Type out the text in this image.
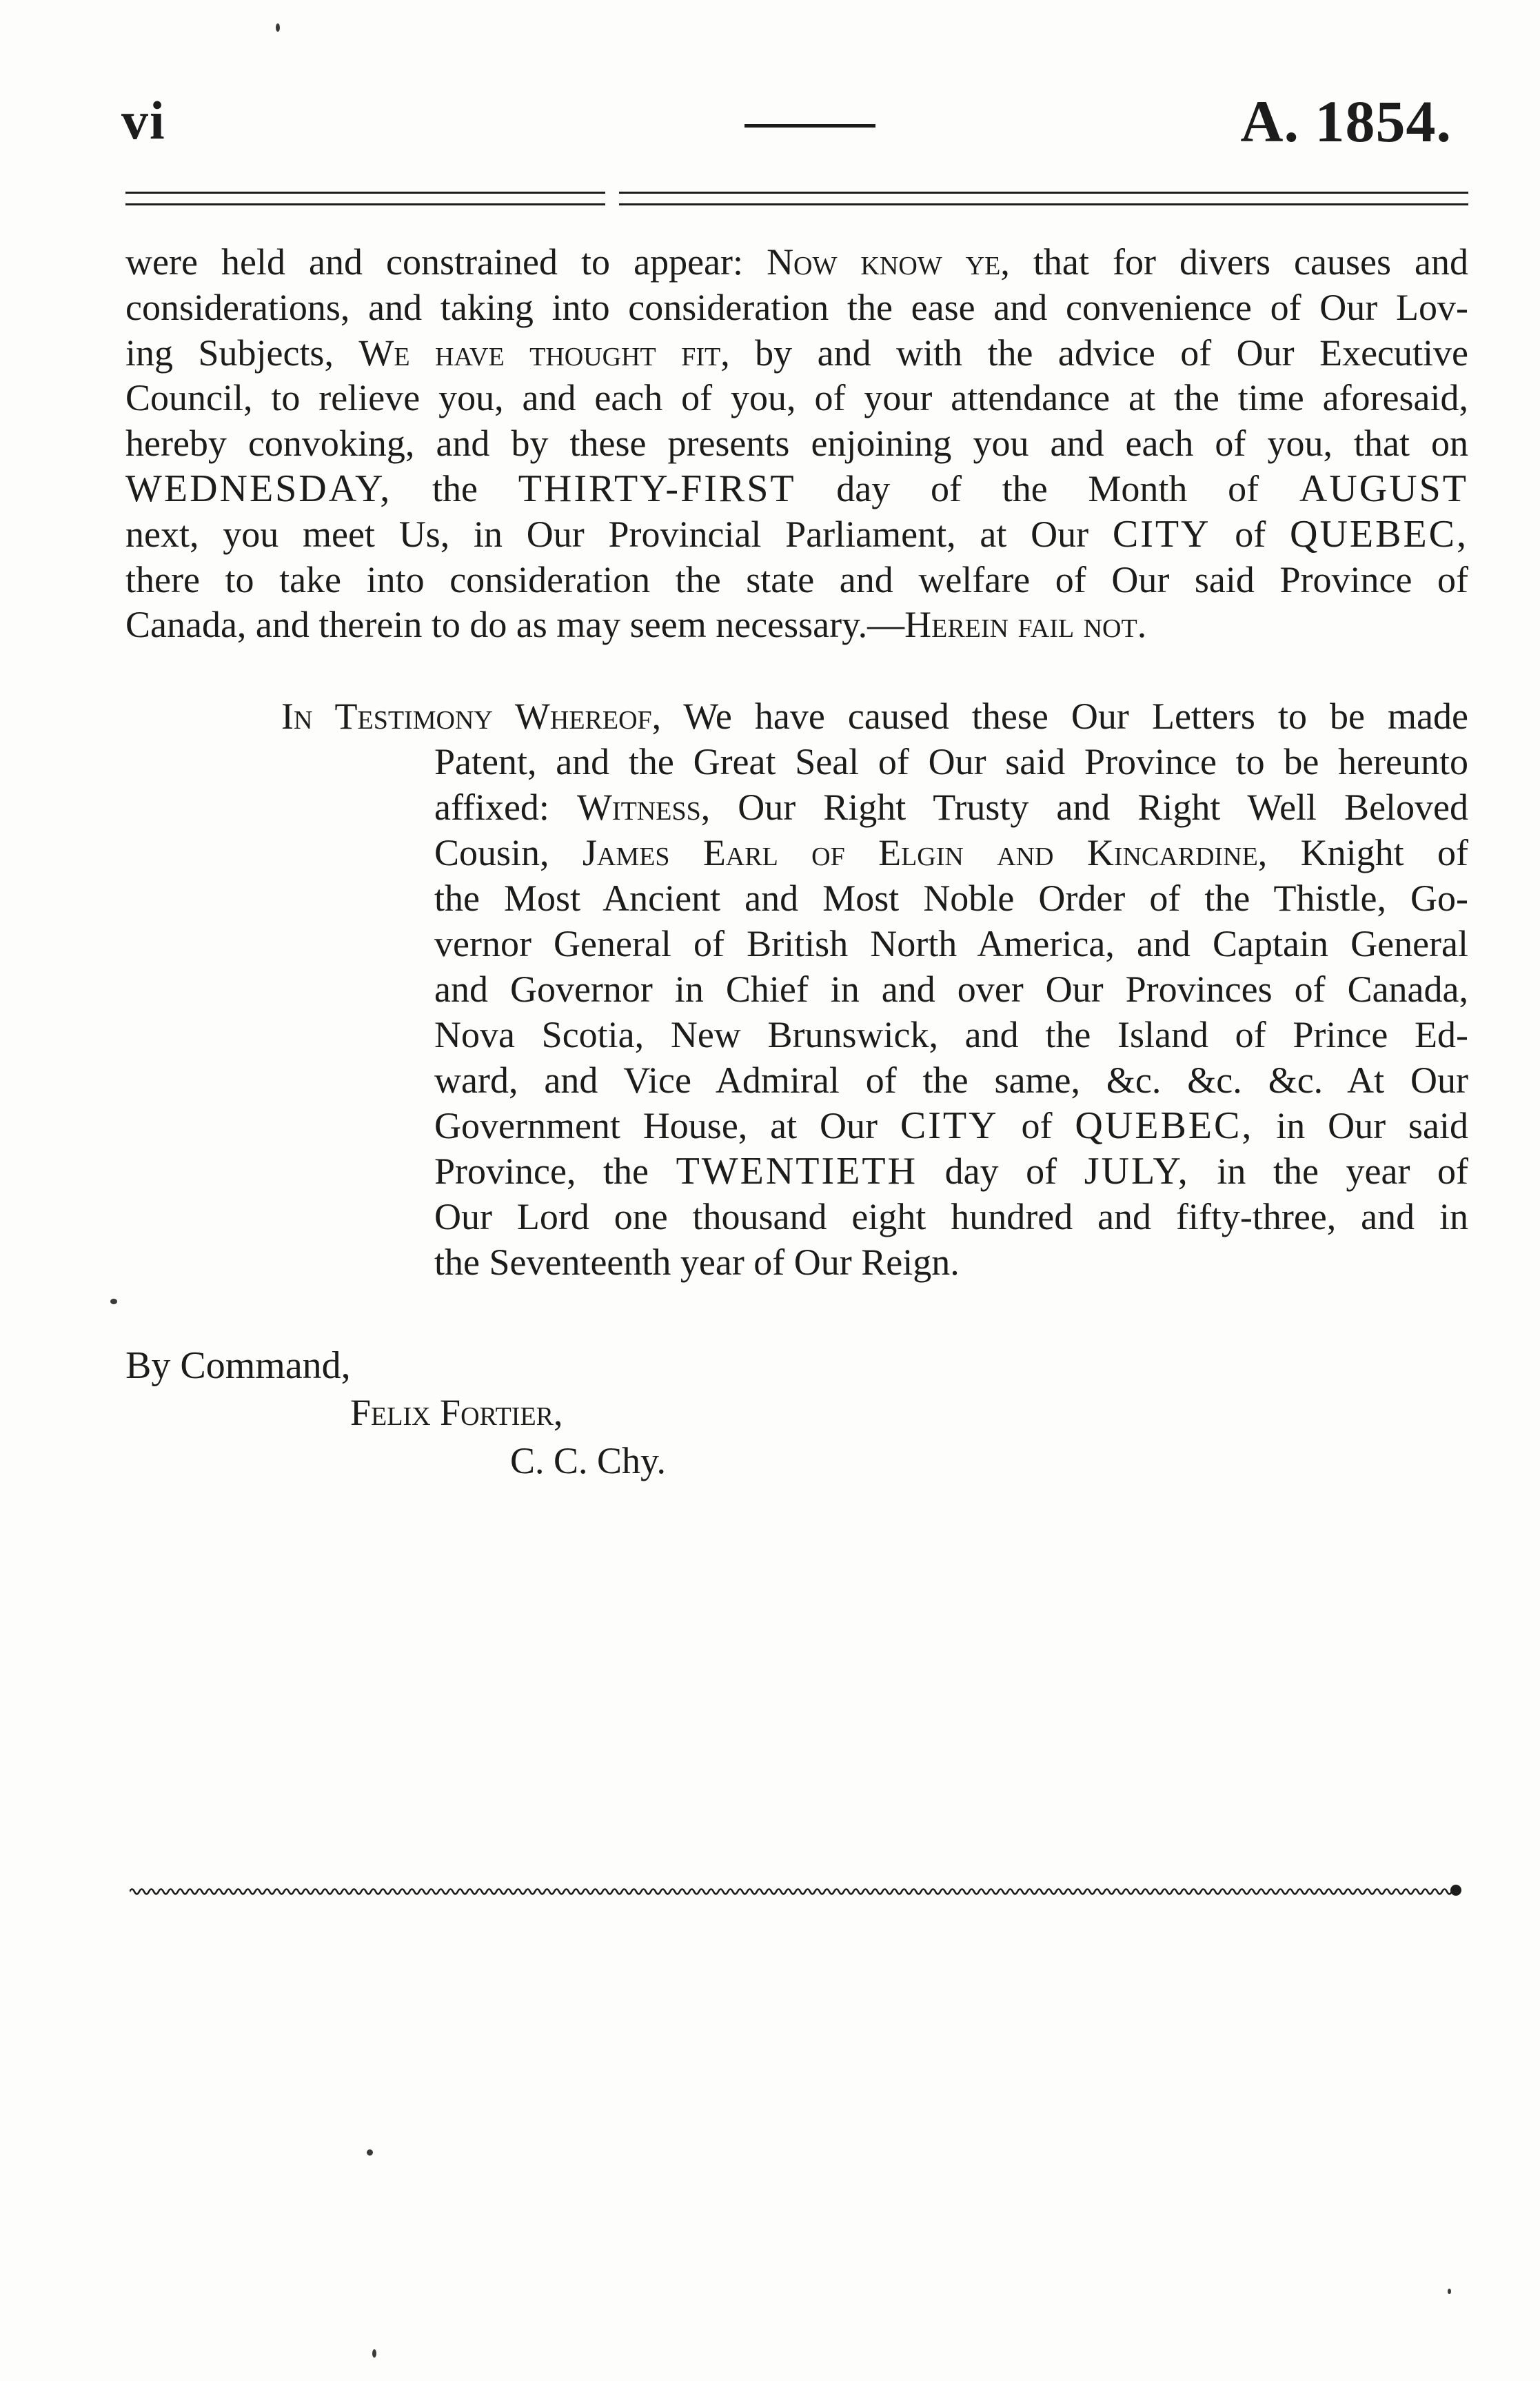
vi	A. 1854.
were held and constrained to appear: Now know ye, that for divers causes and
considerations, and taking into consideration the ease and convenience of Our Lov-
ing Subjects, We have thought fit, by and with the advice of Our Executive
Council, to relieve you, and each of you, of your attendance at the time aforesaid,
hereby convoking, and by these presents enjoining you and each of you, that on
WEDNESDAY, the THIRTY-FIRST day of the Month of AUGUST
next, you meet Us, in Our Provincial Parliament, at Our CITY of QUEBEC,
there to take into consideration the state and welfare of Our said Province of
Canada, and therein to do as may seem necessary.—Herein fail not.
In Testimony Whereof, We have caused these Our Letters to be made
Patent, and the Great Seal of Our said Province to be hereunto
affixed: Witness, Our Right Trusty and Right Well Beloved
Cousin, James Earl of Elgin and Kincardine, Knight of
the Most Ancient and Most Noble Order of the Thistle, Go-
vernor General of British North America, and Captain General
and Governor in Chief in and over Our Provinces of Canada,
Nova Scotia, New Brunswick, and the Island of Prince Ed-
ward, and Vice Admiral of the same, &c. &c. &c. At Our
Government House, at Our CITY of QUEBEC, in Our said
Province, the TWENTIETH day of JULY, in the year of
Our Lord one thousand eight hundred and fifty-three, and in
the Seventeenth year of Our Reign.
By Command,
Felix Fortier,
C. C. Chy.
